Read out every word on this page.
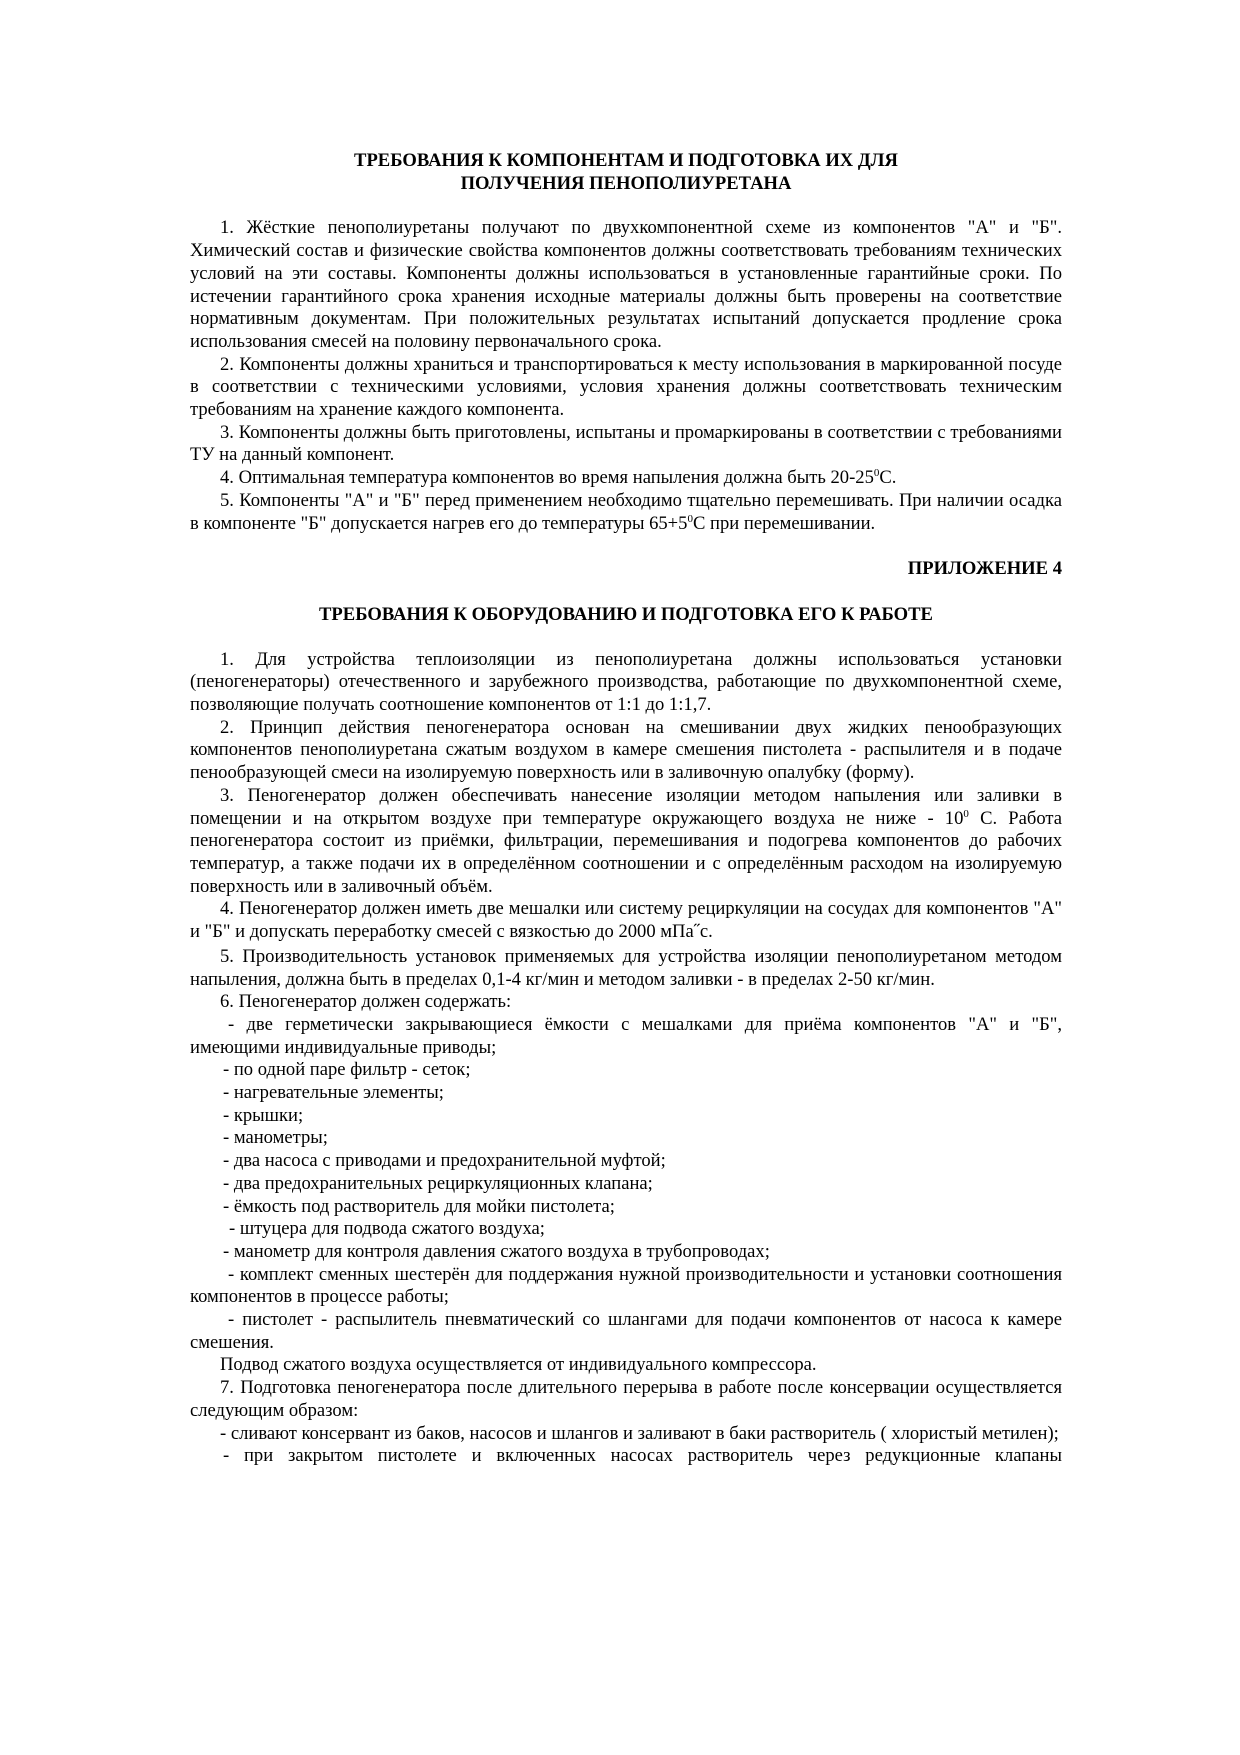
ТРЕБОВАНИЯ К КОМПОНЕНТАМ И ПОДГОТОВКА ИХ ДЛЯ

ПОЛУЧЕНИЯ ПЕНОПОЛИУРЕТАНА

1. Жёсткие пенополиуретаны получают по двухкомпонентной схеме из компонентов "А" и "Б". Химический состав и физические свойства компонентов должны соответствовать требованиям технических условий на эти составы. Компоненты должны использоваться в установленные гарантийные сроки. По истечении гарантийного срока хранения исходные материалы должны быть проверены на соответствие нормативным документам. При положительных результатах испытаний допускается продление срока использования смесей на половину первоначального срока.

2. Компоненты должны храниться и транспортироваться к месту использования в маркированной посуде в соответствии с техническими условиями, условия хранения должны соответствовать техническим требованиям на хранение каждого компонента.

3. Компоненты должны быть приготовлены, испытаны и промаркированы в соответствии с требованиями ТУ на данный компонент.

4. Оптимальная температура компонентов во время напыления должна быть $20-25^0С$.

5. Компоненты "А" и "Б" перед применением необходимо тщательно перемешивать. При наличии осадка в компоненте "Б" допускается нагрев его до температуры $65+5^0С$ при перемешивании.

ПРИЛОЖЕНИЕ 4

ТРЕБОВАНИЯ К ОБОРУДОВАНИЮ И ПОДГОТОВКА ЕГО К РАБОТЕ

1. Для устройства теплоизоляции из пенополиуретана должны использоваться установки (пеногенераторы) отечественного и зарубежного производства, работающие по двухкомпонентной схеме, позволяющие получать соотношение компонентов от 1:1 до 1:1,7.

2. Принцип действия пеногенератора основан на смешивании двух жидких пенообразующих компонентов пенополиуретана сжатым воздухом в камере смешения пистолета - распылителя и в подаче пенообразующей смеси на изолируемую поверхность или в заливочную опалубку (форму).

3. Пеногенератор должен обеспечивать нанесение изоляции методом напыления или заливки в помещении и на открытом воздухе при температуре окружающего воздуха не ниже - $10^0$ С. Работа пеногенератора состоит из приёмки, фильтрации, перемешивания и подогрева компонентов до рабочих температур, а также подачи их в определённом соотношении и с определённым расходом на изолируемую поверхность или в заливочный объём.

4. Пеногенератор должен иметь две мешалки или систему рециркуляции на сосудах для компонентов "А" и "Б" и допускать переработку смесей с вязкостью до 2000 мПа˝с.

5. Производительность установок применяемых для устройства изоляции пенополиуретаном методом напыления, должна быть в пределах 0,1-4 кг/мин и методом заливки - в пределах 2-50 кг/мин.

6. Пеногенератор должен содержать:

- две герметически закрывающиеся ёмкости с мешалками для приёма компонентов "А" и "Б", имеющими индивидуальные приводы;

- по одной паре фильтр - сеток;

- нагревательные элементы;

- крышки;

- манометры;

- два насоса с приводами и предохранительной муфтой;

- два предохранительных рециркуляционных клапана;

- ёмкость под растворитель для мойки пистолета;

- штуцера для подвода сжатого воздуха;

- манометр для контроля давления сжатого воздуха в трубопроводах;

- комплект сменных шестерён для поддержания нужной производительности и установки соотношения компонентов в процессе работы;

- пистолет - распылитель пневматический со шлангами для подачи компонентов от насоса к камере смешения.

Подвод сжатого воздуха осуществляется от индивидуального компрессора.

7. Подготовка пеногенератора после длительного перерыва в работе после консервации осуществляется следующим образом:

- сливают консервант из баков, насосов и шлангов и заливают в баки растворитель ( хлористый метилен);

- при закрытом пистолете и включенных насосах растворитель через редукционные клапаны
